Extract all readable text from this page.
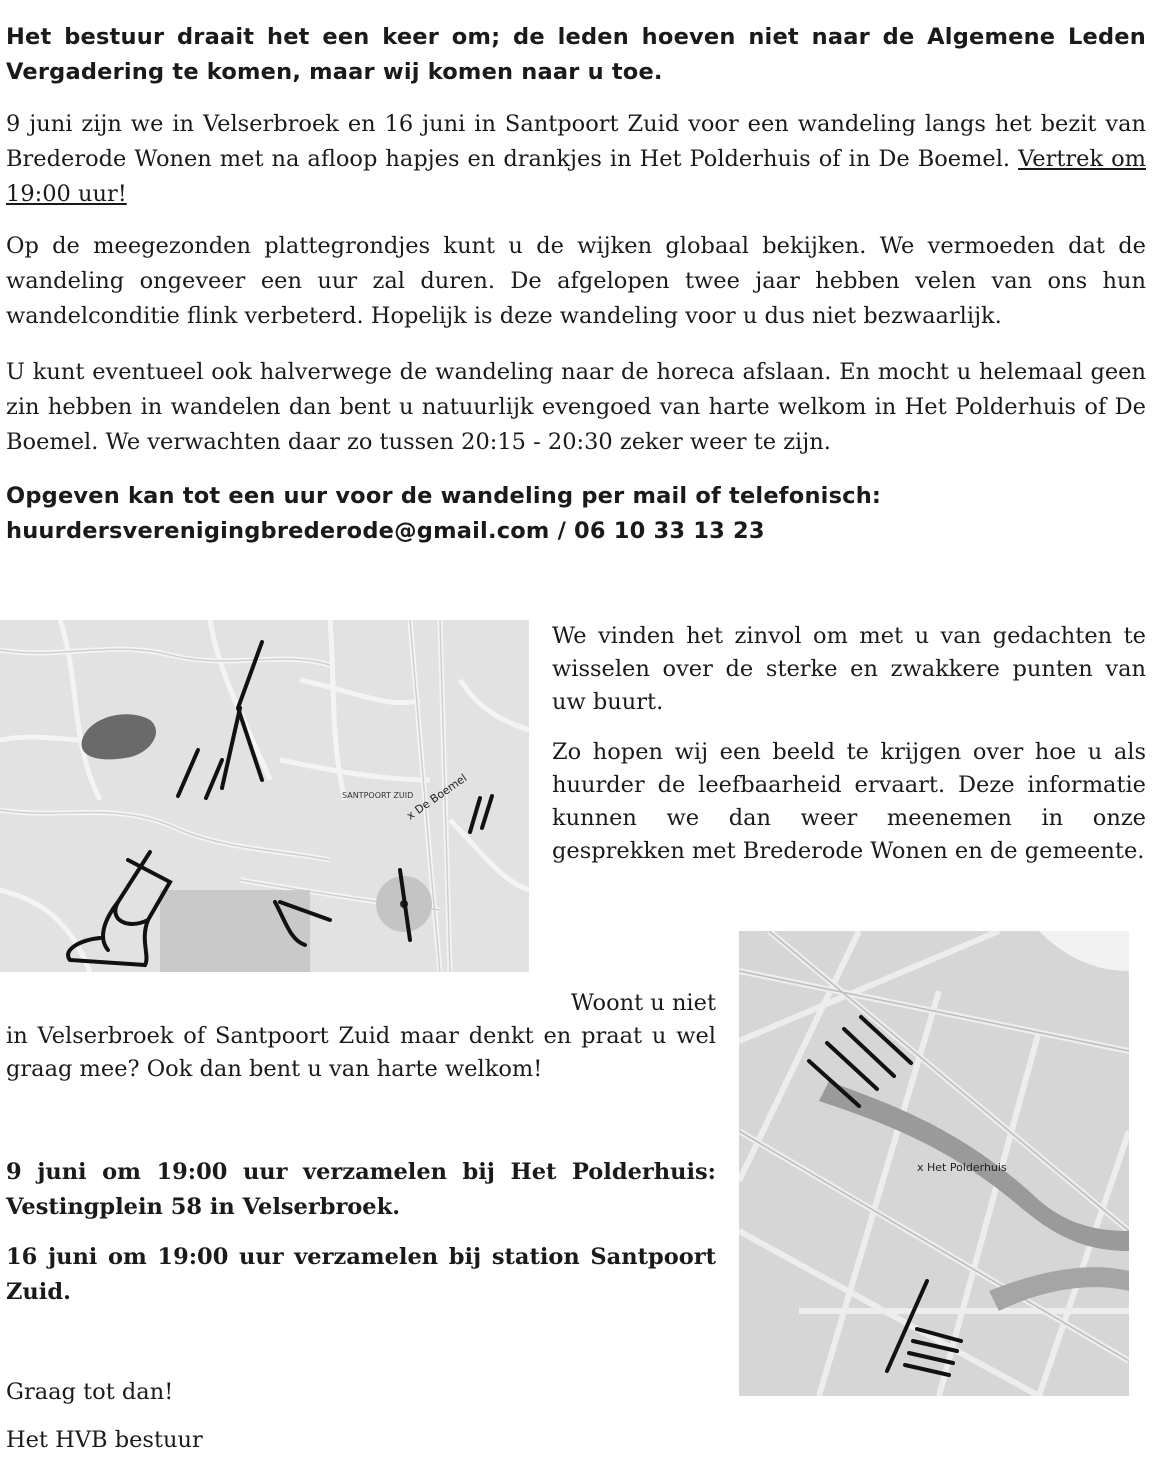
Het bestuur draait het een keer om; de leden hoeven niet naar de Algemene Leden Vergadering te komen, maar wij komen naar u toe.

9 juni zijn we in Velserbroek en 16 juni in Santpoort Zuid voor een wandeling langs het bezit van Brederode Wonen met na afloop hapjes en drankjes in Het Polderhuis of in De Boemel. Vertrek om 19:00 uur!

Op de meegezonden plattegrondjes kunt u de wijken globaal bekijken. We vermoeden dat de wandeling ongeveer een uur zal duren. De afgelopen twee jaar hebben velen van ons hun wandelconditie flink verbeterd. Hopelijk is deze wandeling voor u dus niet bezwaarlijk.

U kunt eventueel ook halverwege de wandeling naar de horeca afslaan. En mocht u helemaal geen zin hebben in wandelen dan bent u natuurlijk evengoed van harte welkom in Het Polderhuis of De Boemel. We verwachten daar zo tussen 20:15 - 20:30 zeker weer te zijn.

Opgeven kan tot een uur voor de wandeling per mail of telefonisch:

huurdersverenigingbrederode@gmail.com / 06 10 33 13 23

SANTPOORT ZUID
x De Boemel

We vinden het zinvol om met u van gedachten te wisselen over de sterke en zwakkere punten van uw buurt.

Zo hopen wij een beeld te krijgen over hoe u als huurder de leefbaarheid ervaart. Deze informatie kunnen we dan weer meenemen in onze gesprekken met Brederode Wonen en de gemeente.

x Het Polderhuis

Woont u niet
in Velserbroek of Santpoort Zuid maar denkt en praat u wel graag mee? Ook dan bent u van harte welkom!

9 juni om 19:00 uur verzamelen bij Het Polderhuis: Vestingplein 58 in Velserbroek.

16 juni om 19:00 uur verzamelen bij station Santpoort Zuid.

Graag tot dan!

Het HVB bestuur
